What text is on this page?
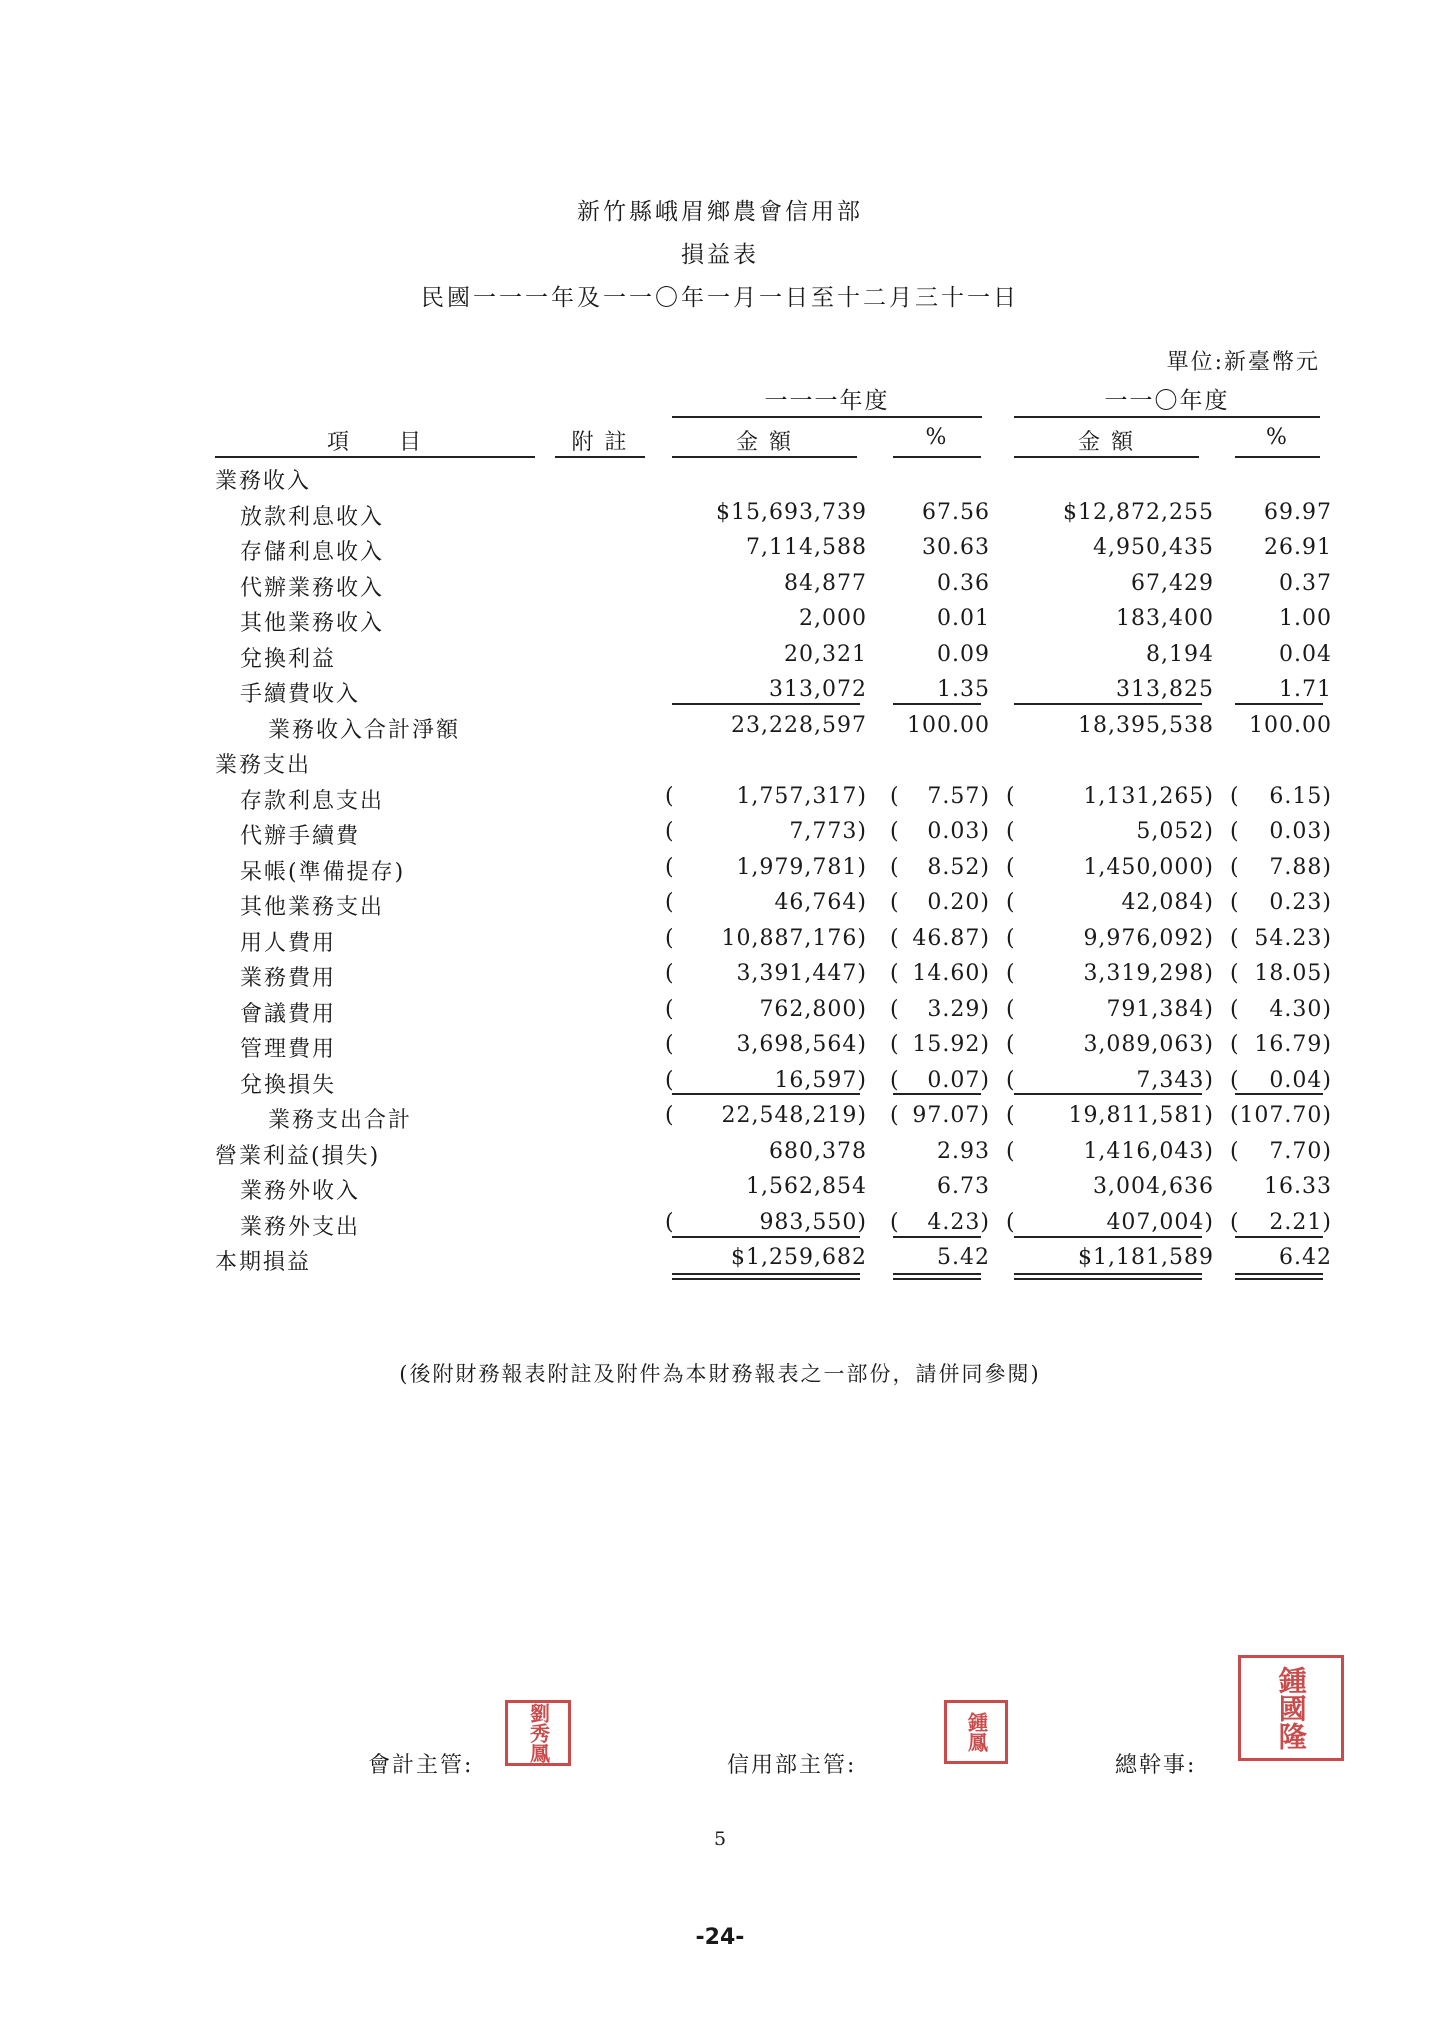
新竹縣峨眉鄉農會信用部
損益表
民國一一一年及一一〇年一月一日至十二月三十一日
單位:新臺幣元
一一一年度	一一〇年度
項　　目	附 註	金 額	%	金 額	%
業務收入
放款利息收入	$15,693,739	67.56	$12,872,255 69.97
存儲利息收入	7,114,588	30.63	4,950,435 26.91
代辦業務收入	84,877	0.36	67,429	0.37
其他業務收入	2,000	0.01	183,400	1.00
兌換利益	20,321	0.09	8,194	0.04
手續費收入	313,072	1.35	313,825	1.71
業務收入合計淨額	23,228,597 100.00	18,395,538 100.00
業務支出
存款利息支出	(	1,757,317) ( 7.57) (	1,131,265) ( 6.15)
代辦手續費	(	7,773) ( 0.03) (	5,052) ( 0.03)
呆帳(準備提存)	(	1,979,781) ( 8.52) (	1,450,000) ( 7.88)
其他業務支出	(	46,764) ( 0.20) (	42,084) ( 0.23)
用人費用	( 10,887,176) ( 46.87) (	9,976,092) ( 54.23)
業務費用	(	3,391,447) ( 14.60) (	3,319,298) ( 18.05)
會議費用	(	762,800) ( 3.29) (	791,384) ( 4.30)
管理費用	(	3,698,564) ( 15.92) (	3,089,063) ( 16.79)
兌換損失	(	16,597) ( 0.07) (	7,343) ( 0.04)
業務支出合計	( 22,548,219) ( 97.07) ( 19,811,581) ( 107.70)
營業利益(損失)	680,378	2.93 (	1,416,043) ( 7.70)
業務外收入	1,562,854	6.73	3,004,636 16.33
業務外支出	(	983,550) ( 4.23) (	407,004) ( 2.21)
本期損益	$1,259,682	5.42	$1,181,589	6.42
(後附財務報表附註及附件為本財務報表之一部份，請併同參閱)
會計主管:	信用部主管:	總幹事:
劉秀鳳	鍾鳳	鍾國隆
5
-24-
